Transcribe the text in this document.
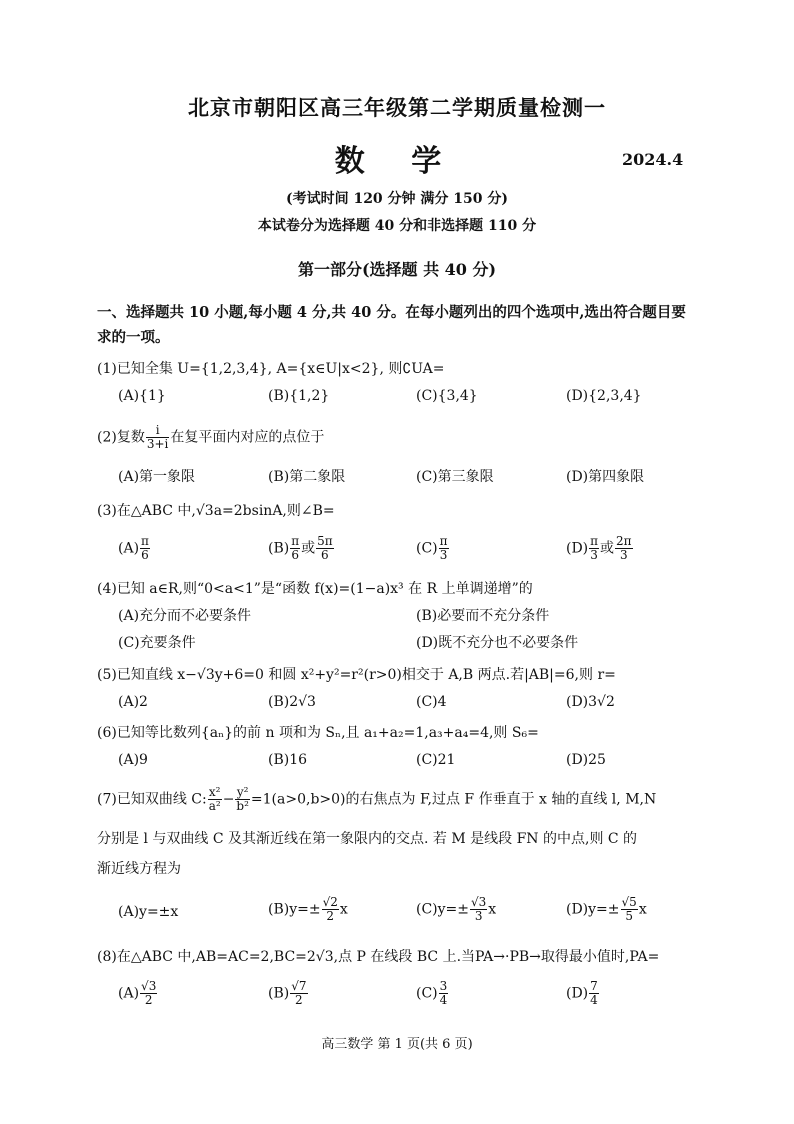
北京市朝阳区高三年级第二学期质量检测一
数 学	2024.4
(考试时间 120 分钟 满分 150 分)
本试卷分为选择题 40 分和非选择题 110 分
第一部分(选择题 共 40 分)
一、选择题共 10 小题,每小题 4 分,共 40 分。在每小题列出的四个选项中,选出符合题目要求的一项。
(1)已知全集 U={1,2,3,4}, A={x∈U|x<2}, 则∁UA=
(A){1}	(B){1,2}	(C){3,4}	(D){2,3,4}
(2)复数 $\frac{i}{3+i}$ 在复平面内对应的点位于
(A)第一象限	(B)第二象限	(C)第三象限	(D)第四象限
(3)在△ABC 中,√3a=2bsinA,则∠B=
$(A) \frac{\pi}{6}$	$(B) \frac{\pi}{6}$ 或 $\frac{5\pi}{6}$	$(C) \frac{\pi}{3}$	$(D) \frac{\pi}{3}$ 或 $\frac{2\pi}{3}$
(4)已知 a∈R,则“0<a<1”是“函数 f(x)=(1−a)x³ 在 R 上单调递增”的
(A)充分而不必要条件	(B)必要而不充分条件
(C)充要条件	(D)既不充分也不必要条件
(5)已知直线 x−√3y+6=0 和圆 x²+y²=r²(r>0)相交于 A,B 两点.若|AB|=6,则 r=
(A)2	(B)2√3	(C)4	(D)3√2
(6)已知等比数列{aₙ}的前 n 项和为 Sₙ,且 a₁+a₂=1,a₃+a₄=4,则 S₆=
(A)9	(B)16	(C)21	(D)25
(7)已知双曲线 C: $\frac{\text{x²}}{\text{a²}} - \frac{\text{y²}}{\text{b²}} =1(a>0,b>0)$的右焦点为 F,过点 F 作垂直于 x 轴的直线 l, M,N
分别是 l 与双曲线 C 及其渐近线在第一象限内的交点. 若 M 是线段 FN 的中点,则 C 的
渐近线方程为
(A)y=±x	$(B)y=\pm \frac{√2}{2}$ x	$(C)y=\pm \frac{√3}{3}$ x	$(D)y=\pm \frac{√5}{5}$ x
(8)在△ABC 中,AB=AC=2,BC=2√3,点 P 在线段 BC 上.当PA→·PB→取得最小值时,PA=
$(A) \frac{√3}{2}$	$(B) \frac{√7}{2}$	$(C) \frac{3}{4}$	$(D) \frac{7}{4}$
高三数学 第 1 页(共 6 页)
